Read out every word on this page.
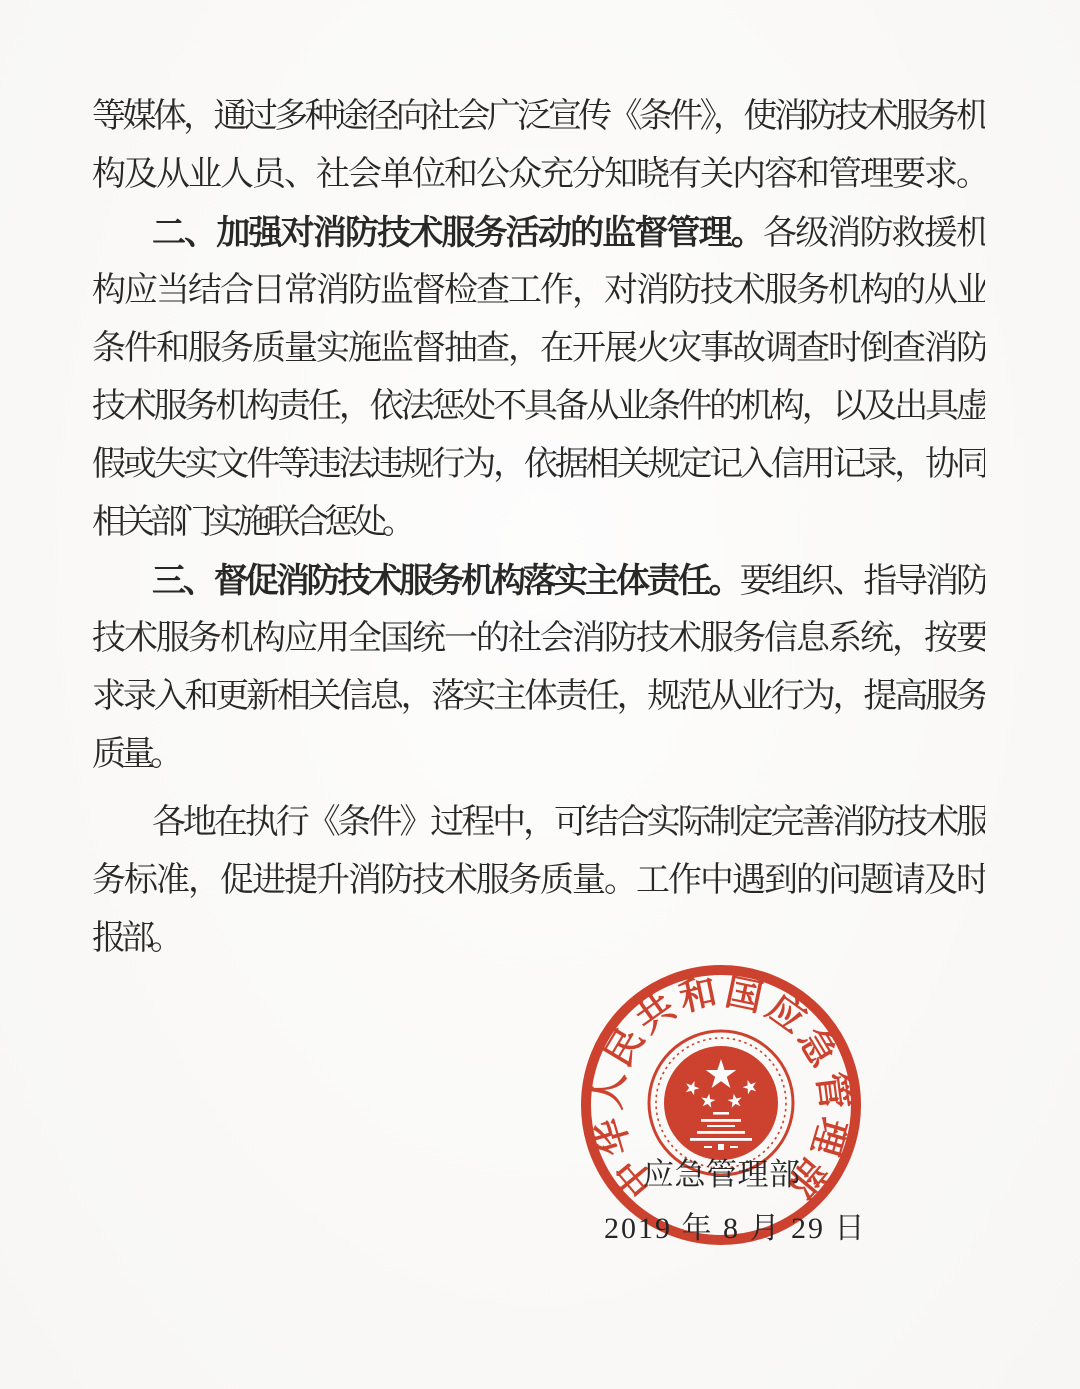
等媒体，通过多种途径向社会广泛宣传《条件》，使消防技术服务机
构及从业人员、社会单位和公众充分知晓有关内容和管理要求。
二、加强对消防技术服务活动的监督管理。各级消防救援机
构应当结合日常消防监督检查工作，对消防技术服务机构的从业
条件和服务质量实施监督抽查，在开展火灾事故调查时倒查消防
技术服务机构责任，依法惩处不具备从业条件的机构，以及出具虚
假或失实文件等违法违规行为，依据相关规定记入信用记录，协同
相关部门实施联合惩处。
三、督促消防技术服务机构落实主体责任。要组织、指导消防
技术服务机构应用全国统一的社会消防技术服务信息系统，按要
求录入和更新相关信息，落实主体责任，规范从业行为，提高服务
质量。
各地在执行《条件》过程中，可结合实际制定完善消防技术服
务标准，促进提升消防技术服务质量。工作中遇到的问题请及时
报部。
中
华
人
民
共
和 国
应
急
管
理
部
应急管理部
2019 年 8 月 29 日
